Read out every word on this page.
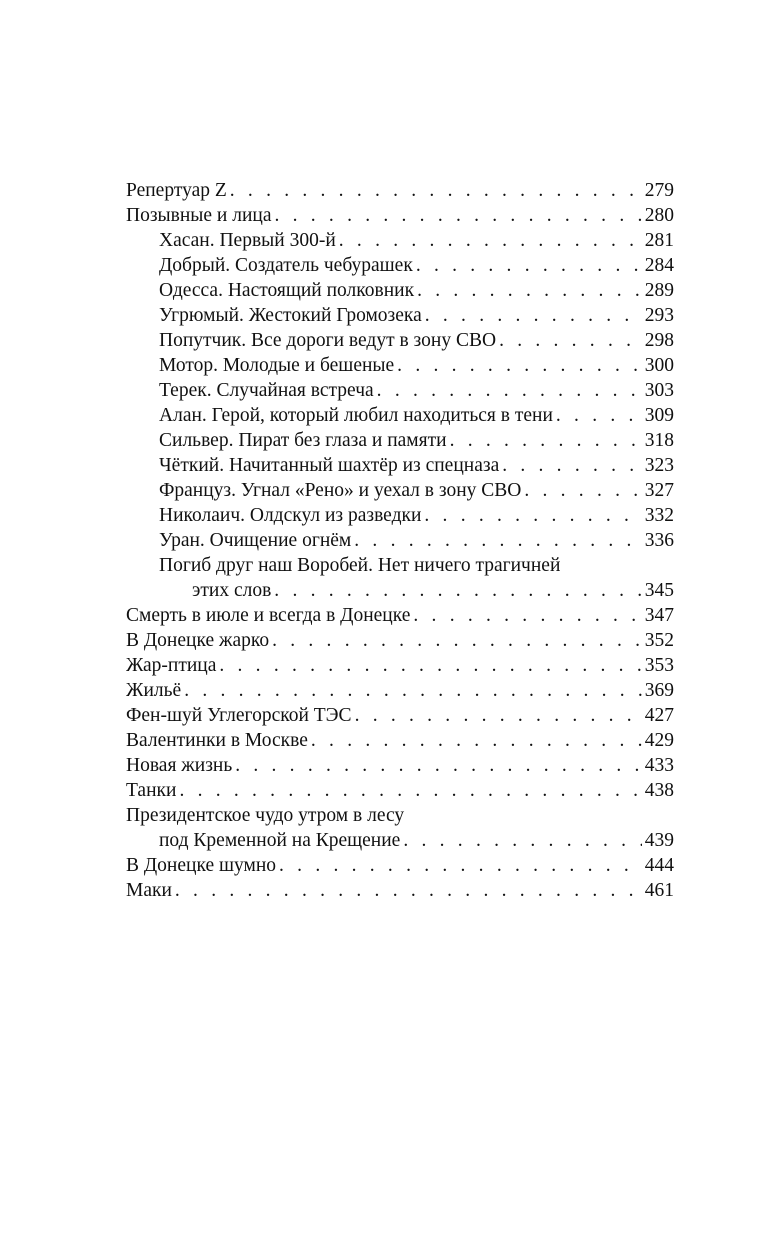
Репертуар Z . . .	279
Позывные и лица . . .	280
Хасан. Первый 300-й . . .	281
Добрый. Создатель чебурашек . . .	284
Одесса. Настоящий полковник . . .	289
Угрюмый. Жестокий Громозека . . .	293
Попутчик. Все дороги ведут в зону СВО . . .	298
Мотор. Молодые и бешеные . . .	300
Терек. Случайная встреча . . .	303
Алан. Герой, который любил находиться в тени . . .	309
Сильвер. Пират без глаза и памяти . . .	318
Чёткий. Начитанный шахтёр из спецназа . . .	323
Француз. Угнал «Рено» и уехал в зону СВО . . .	327
Николаич. Олдскул из разведки . . .	332
Уран. Очищение огнём . . .	336
Погиб друг наш Воробей. Нет ничего трагичней
этих слов . . .	345
Смерть в июле и всегда в Донецке . . .	347
В Донецке жарко . . .	352
Жар-птица . . .	353
Жильё . . .	369
Фен-шуй Углегорской ТЭС . . .	427
Валентинки в Москве . . .	429
Новая жизнь . . .	433
Танки . . .	438
Президентское чудо утром в лесу
под Кременной на Крещение . . .	439
В Донецке шумно . . .	444
Маки . . .	461
